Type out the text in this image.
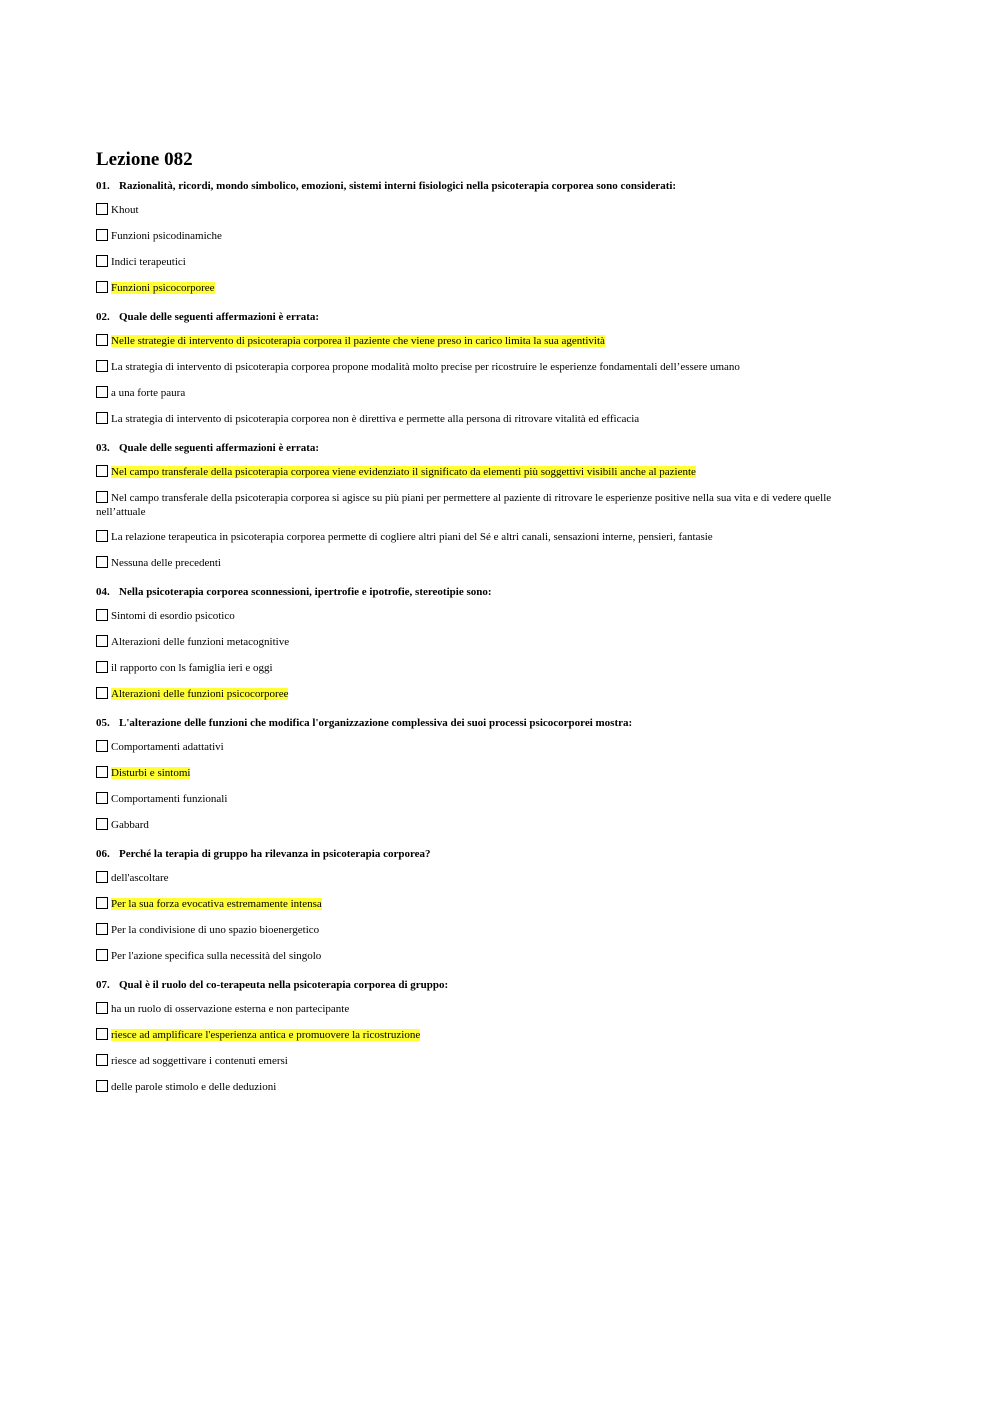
Lezione 082
01. Razionalità, ricordi, mondo simbolico, emozioni, sistemi interni fisiologici nella psicoterapia corporea sono considerati:
Khout
Funzioni psicodinamiche
Indici terapeutici
Funzioni psicocorporee
02. Quale delle seguenti affermazioni è errata:
Nelle strategie di intervento di psicoterapia corporea il paziente che viene preso in carico limita la sua agentività
La strategia di intervento di psicoterapia corporea propone modalità molto precise per ricostruire le esperienze fondamentali dell’essere umano
a una forte paura
La strategia di intervento di psicoterapia corporea non è direttiva e permette alla persona di ritrovare vitalità ed efficacia
03. Quale delle seguenti affermazioni è errata:
Nel campo transferale della psicoterapia corporea viene evidenziato il significato da elementi più soggettivi visibili anche al paziente
Nel campo transferale della psicoterapia corporea si agisce su più piani per permettere al paziente di ritrovare le esperienze positive nella sua vita e di vedere quelle nell’attuale
La relazione terapeutica in psicoterapia corporea permette di cogliere altri piani del Sé e altri canali, sensazioni interne, pensieri, fantasie
Nessuna delle precedenti
04. Nella psicoterapia corporea sconnessioni, ipertrofie e ipotrofie, stereotipie sono:
Sintomi di esordio psicotico
Alterazioni delle funzioni metacognitive
il rapporto con ls famiglia ieri e oggi
Alterazioni delle funzioni psicocorporee
05. L'alterazione delle funzioni che modifica l'organizzazione complessiva dei suoi processi psicocorporei mostra:
Comportamenti adattativi
Disturbi e sintomi
Comportamenti funzionali
Gabbard
06. Perché la terapia di gruppo ha rilevanza in psicoterapia corporea?
dell'ascoltare
Per la sua forza evocativa estremamente intensa
Per la condivisione di uno spazio bioenergetico
Per l'azione specifica sulla necessità del singolo
07. Qual è il ruolo del co-terapeuta nella psicoterapia corporea di gruppo:
ha un ruolo di osservazione esterna e non partecipante
riesce ad amplificare l'esperienza antica e promuovere la ricostruzione
riesce ad soggettivare i contenuti emersi
delle parole stimolo e delle deduzioni
